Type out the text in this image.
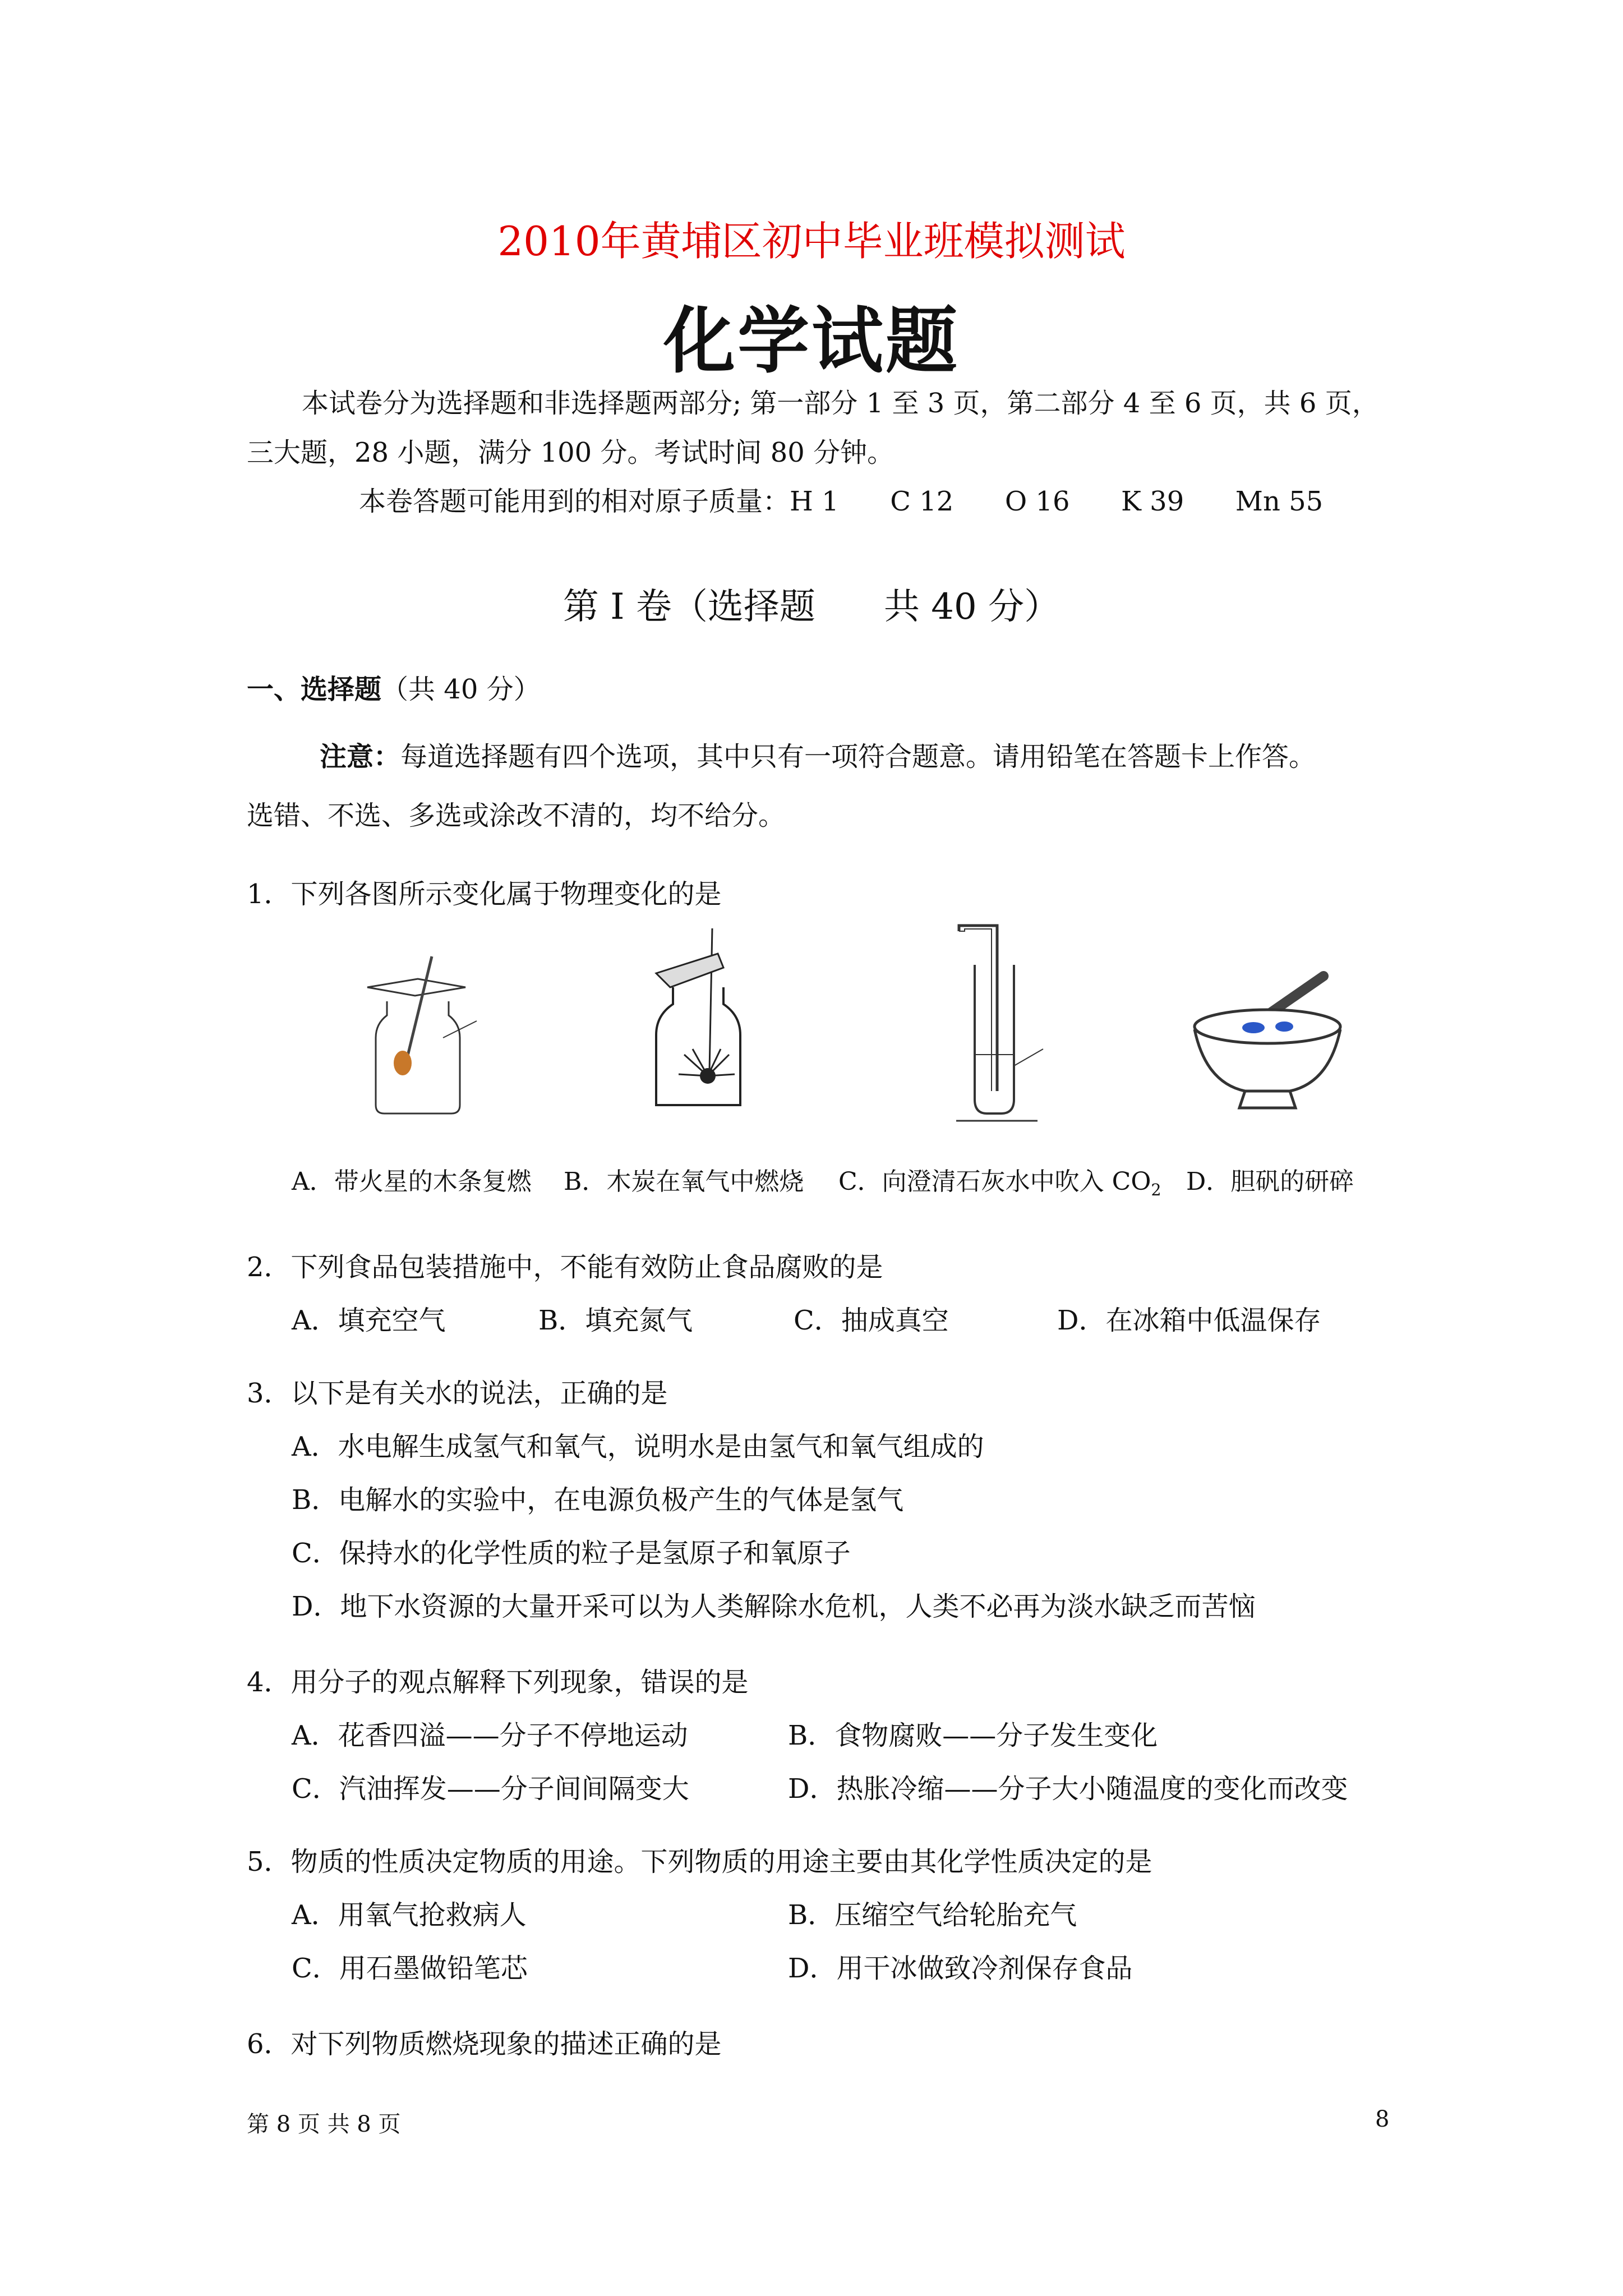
2010年黄埔区初中毕业班模拟测试
化学试题
本试卷分为选择题和非选择题两部分; 第一部分 1 至 3 页，第二部分 4 至 6 页，共 6 页，
三大题，28 小题，满分 100 分。考试时间 80 分钟。
本卷答题可能用到的相对原子质量：H 1      C 12      O 16      K 39      Mn 55
第 I 卷（选择题      共 40 分）
一、选择题（共 40 分）
注意：每道选择题有四个选项，其中只有一项符合题意。请用铅笔在答题卡上作答。
选错、不选、多选或涂改不清的，均不给分。
1．下列各图所示变化属于物理变化的是
A．带火星的木条复燃 B．木炭在氧气中燃烧 C．向澄清石灰水中吹入 $CO_2$ D．胆矾的研碎
2．下列食品包装措施中，不能有效防止食品腐败的是
A．填充空气	B．填充氮气	C．抽成真空	D．在冰箱中低温保存
3．以下是有关水的说法，正确的是
A．水电解生成氢气和氧气，说明水是由氢气和氧气组成的
B．电解水的实验中，在电源负极产生的气体是氢气
C．保持水的化学性质的粒子是氢原子和氧原子
D．地下水资源的大量开采可以为人类解除水危机，人类不必再为淡水缺乏而苦恼
4．用分子的观点解释下列现象，错误的是
A．花香四溢——分子不停地运动	B．食物腐败——分子发生变化
C．汽油挥发——分子间间隔变大	D．热胀冷缩——分子大小随温度的变化而改变
5．物质的性质决定物质的用途。下列物质的用途主要由其化学性质决定的是
A．用氧气抢救病人	B．压缩空气给轮胎充气
C．用石墨做铅笔芯	D．用干冰做致冷剂保存食品
6．对下列物质燃烧现象的描述正确的是
第 8 页 共 8 页	8
